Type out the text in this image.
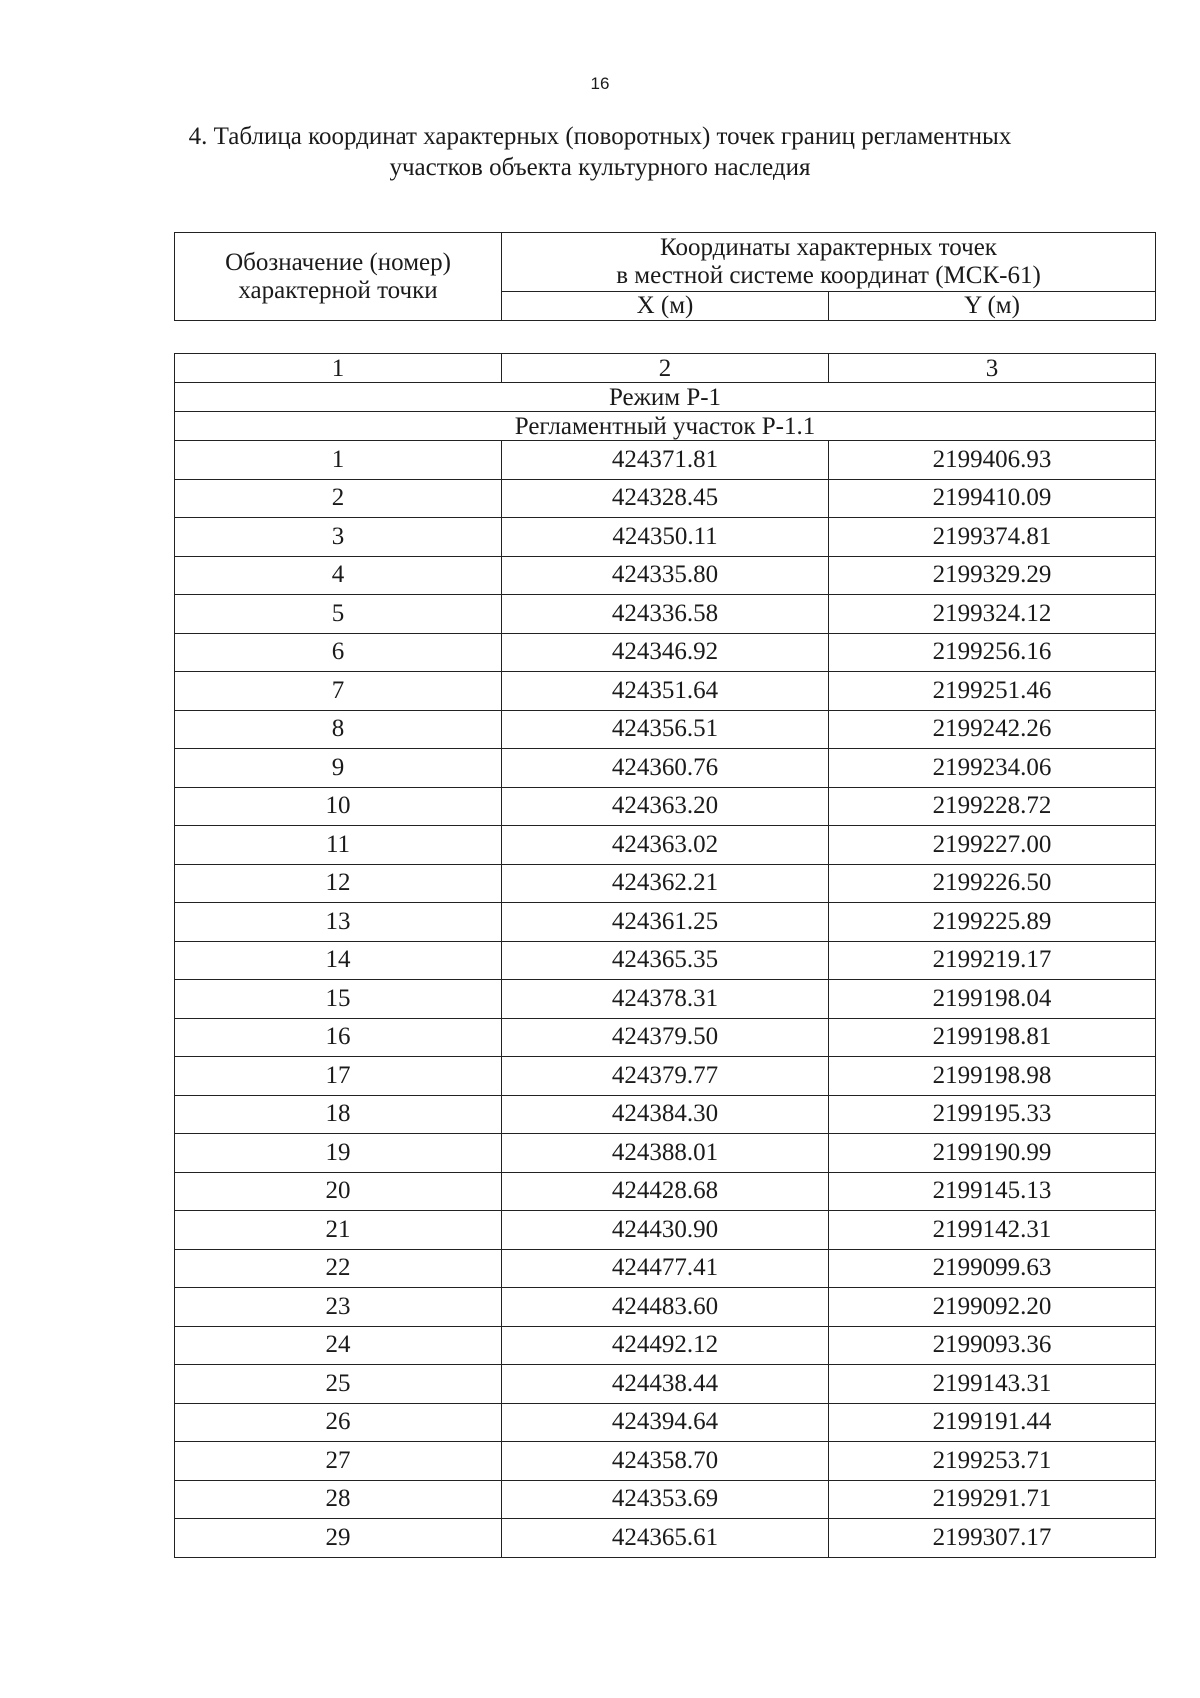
16
4. Таблица координат характерных (поворотных) точек границ регламентных
участков объекта культурного наследия
Обозначение (номер)
характерной точки	Координаты характерных точек
в местной системе координат (МСК-61)	

	X (м)	Y (м)
1	2	3
Режим Р-1		
Регламентный участок Р-1.1		
1	424371.81	2199406.93
2	424328.45	2199410.09
3	424350.11	2199374.81
4	424335.80	2199329.29
5	424336.58	2199324.12
6	424346.92	2199256.16
7	424351.64	2199251.46
8	424356.51	2199242.26
9	424360.76	2199234.06
10	424363.20	2199228.72
11	424363.02	2199227.00
12	424362.21	2199226.50
13	424361.25	2199225.89
14	424365.35	2199219.17
15	424378.31	2199198.04
16	424379.50	2199198.81
17	424379.77	2199198.98
18	424384.30	2199195.33
19	424388.01	2199190.99
20	424428.68	2199145.13
21	424430.90	2199142.31
22	424477.41	2199099.63
23	424483.60	2199092.20
24	424492.12	2199093.36
25	424438.44	2199143.31
26	424394.64	2199191.44
27	424358.70	2199253.71
28	424353.69	2199291.71
29	424365.61	2199307.17
